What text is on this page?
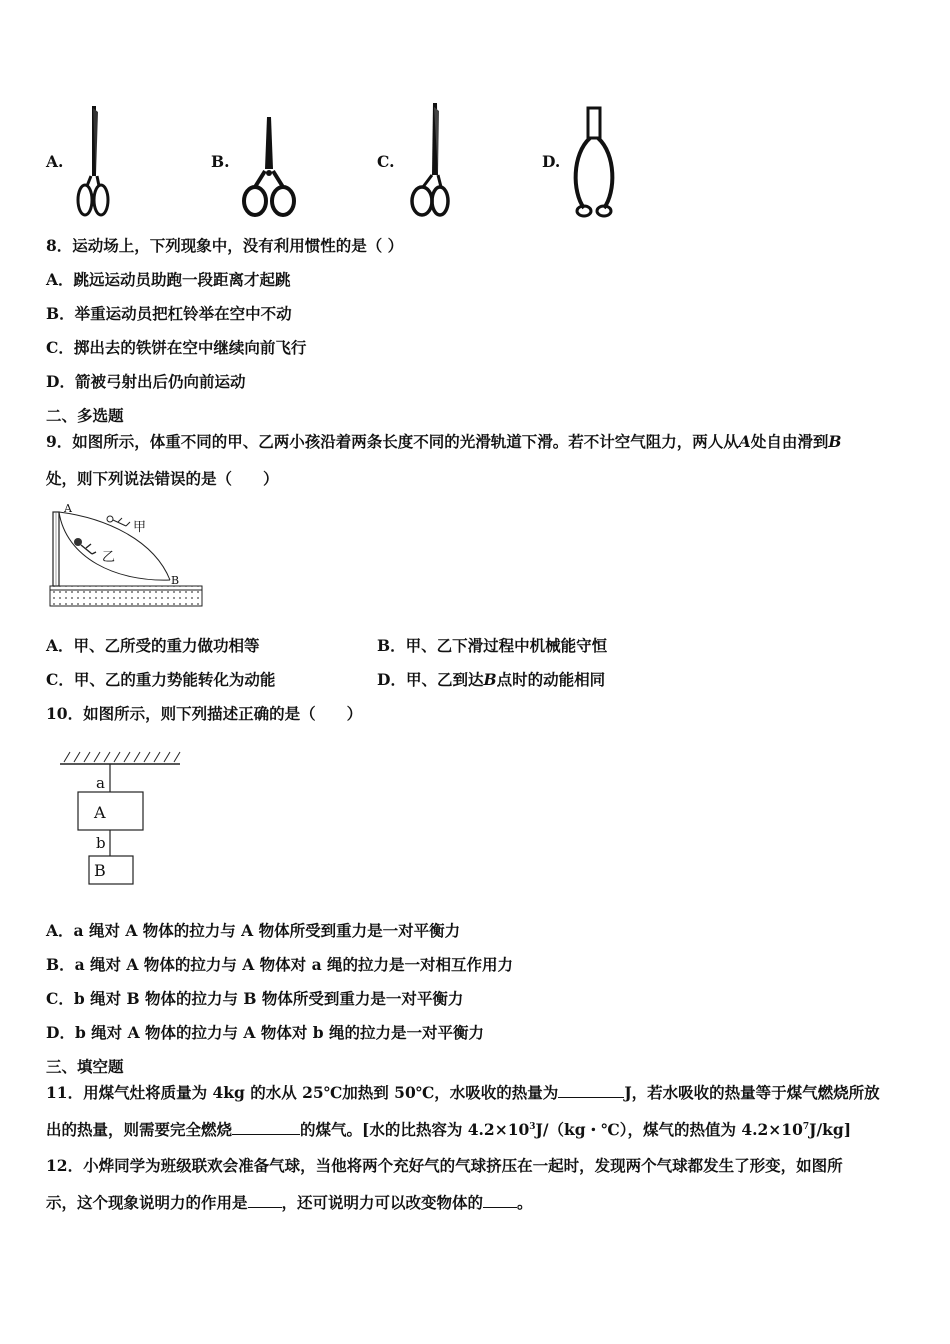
A.	B.	C.	D.
8．运动场上，下列现象中，没有利用惯性的是（ ）
A．跳远运动员助跑一段距离才起跳
B．举重运动员把杠铃举在空中不动
C．掷出去的铁饼在空中继续向前飞行
D．箭被弓射出后仍向前运动
二、多选题
9．如图所示，体重不同的甲、乙两小孩沿着两条长度不同的光滑轨道下滑。若不计空气阻力，两人从A处自由滑到B
处，则下列说法错误的是（　　）
A
B
甲
乙
A．甲、乙所受的重力做功相等	B．甲、乙下滑过程中机械能守恒
C．甲、乙的重力势能转化为动能	D．甲、乙到达B点时的动能相同
10．如图所示，则下列描述正确的是（　　）
a
A
b
B
A．a 绳对 A 物体的拉力与 A 物体所受到重力是一对平衡力
B．a 绳对 A 物体的拉力与 A 物体对 a 绳的拉力是一对相互作用力
C．b 绳对 B 物体的拉力与 B 物体所受到重力是一对平衡力
D．b 绳对 A 物体的拉力与 A 物体对 b 绳的拉力是一对平衡力
三、填空题
11．用煤气灶将质量为 4kg 的水从 25℃加热到 50℃，水吸收的热量为	J，若水吸收的热量等于煤气燃烧所放
出的热量，则需要完全燃烧	的煤气。[水的比热容为 $4.2\times 10^3J/(kg$・℃），煤气的热值为 $4.2\times 10^7J/kg$]
12．小烨同学为班级联欢会准备气球，当他将两个充好气的气球挤压在一起时，发现两个气球都发生了形变，如图所
示，这个现象说明力的作用是 ，还可说明力可以改变物体的 。
